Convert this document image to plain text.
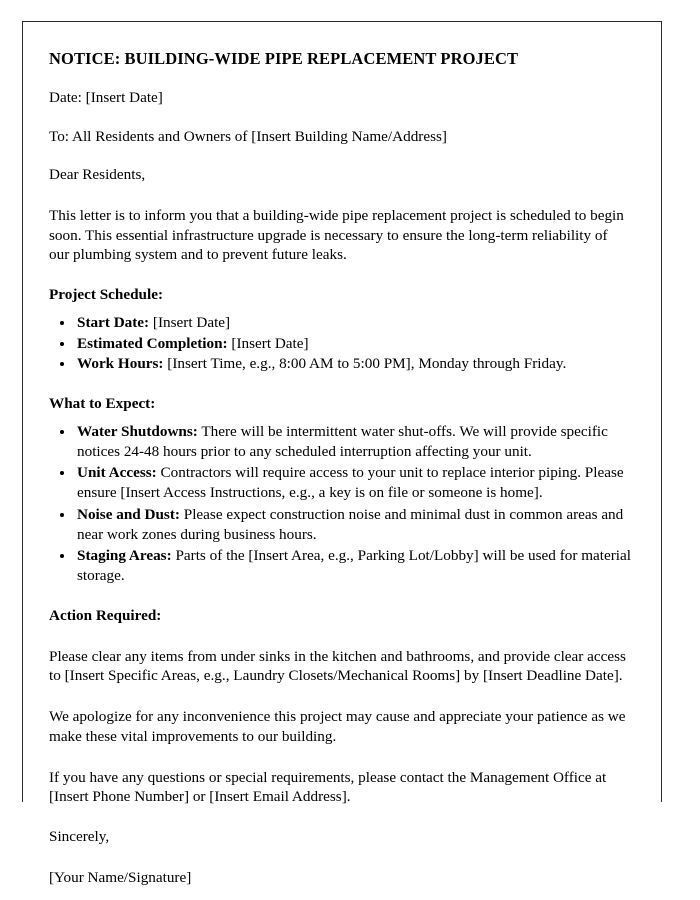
NOTICE: BUILDING-WIDE PIPE REPLACEMENT PROJECT

Date: [Insert Date]

To: All Residents and Owners of [Insert Building Name/Address]

Dear Residents,

This letter is to inform you that a building-wide pipe replacement project is scheduled to begin soon. This essential infrastructure upgrade is necessary to ensure the long-term reliability of our plumbing system and to prevent future leaks.

Project Schedule:
• Start Date: [Insert Date]
• Estimated Completion: [Insert Date]
• Work Hours: [Insert Time, e.g., 8:00 AM to 5:00 PM], Monday through Friday.
What to Expect:
• Water Shutdowns: There will be intermittent water shut-offs. We will provide specific notices 24-48 hours prior to any scheduled interruption affecting your unit.
• Unit Access: Contractors will require access to your unit to replace interior piping. Please ensure [Insert Access Instructions, e.g., a key is on file or someone is home].
• Noise and Dust: Please expect construction noise and minimal dust in common areas and near work zones during business hours.
• Staging Areas: Parts of the [Insert Area, e.g., Parking Lot/Lobby] will be used for material storage.
Action Required:

Please clear any items from under sinks in the kitchen and bathrooms, and provide clear access to [Insert Specific Areas, e.g., Laundry Closets/Mechanical Rooms] by [Insert Deadline Date].

We apologize for any inconvenience this project may cause and appreciate your patience as we make these vital improvements to our building.

If you have any questions or special requirements, please contact the Management Office at [Insert Phone Number] or [Insert Email Address].

Sincerely,

[Your Name/Signature]
